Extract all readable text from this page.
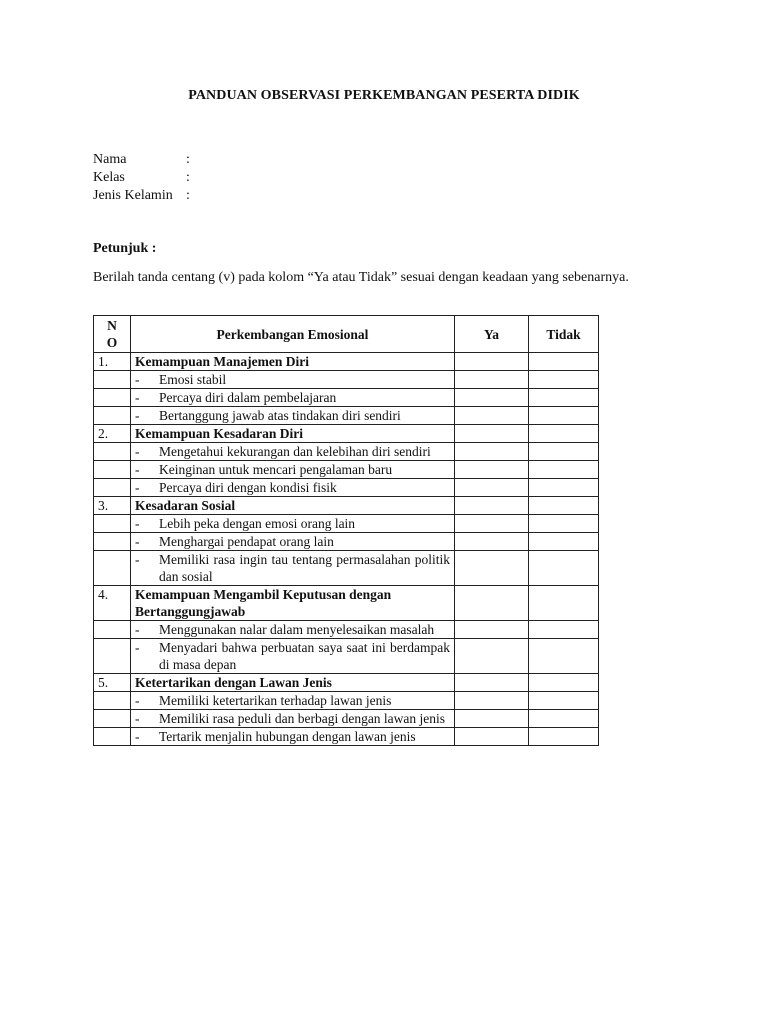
PANDUAN OBSERVASI PERKEMBANGAN PESERTA DIDIK
Nama	:
Kelas	:
Jenis Kelamin :
Petunjuk :
Berilah tanda centang (v) pada kolom “Ya atau Tidak” sesuai dengan keadaan yang sebenarnya.
N
O	Perkembangan Emosional	Ya	Tidak
1.	Kemampuan Manajemen Diri		

	- Emosi stabil		

	- Percaya diri dalam pembelajaran		

	- Bertanggung jawab atas tindakan diri sendiri		

2.	Kemampuan Kesadaran Diri		

	- Mengetahui kekurangan dan kelebihan diri sendiri		

	- Keinginan untuk mencari pengalaman baru		

	- Percaya diri dengan kondisi fisik		

3.	Kesadaran Sosial		

	- Lebih peka dengan emosi orang lain		

	- Menghargai pendapat orang lain		

	- Memiliki rasa ingin tau tentang permasalahan politik dan sosial		

4.	Kemampuan Mengambil Keputusan dengan Bertanggungjawab		

	- Menggunakan nalar dalam menyelesaikan masalah		

	- Menyadari bahwa perbuatan saya saat ini berdampak di masa depan		

5.	Ketertarikan dengan Lawan Jenis		

	- Memiliki ketertarikan terhadap lawan jenis		

	- Memiliki rasa peduli dan berbagi dengan lawan jenis		

	- Tertarik menjalin hubungan dengan lawan jenis		
